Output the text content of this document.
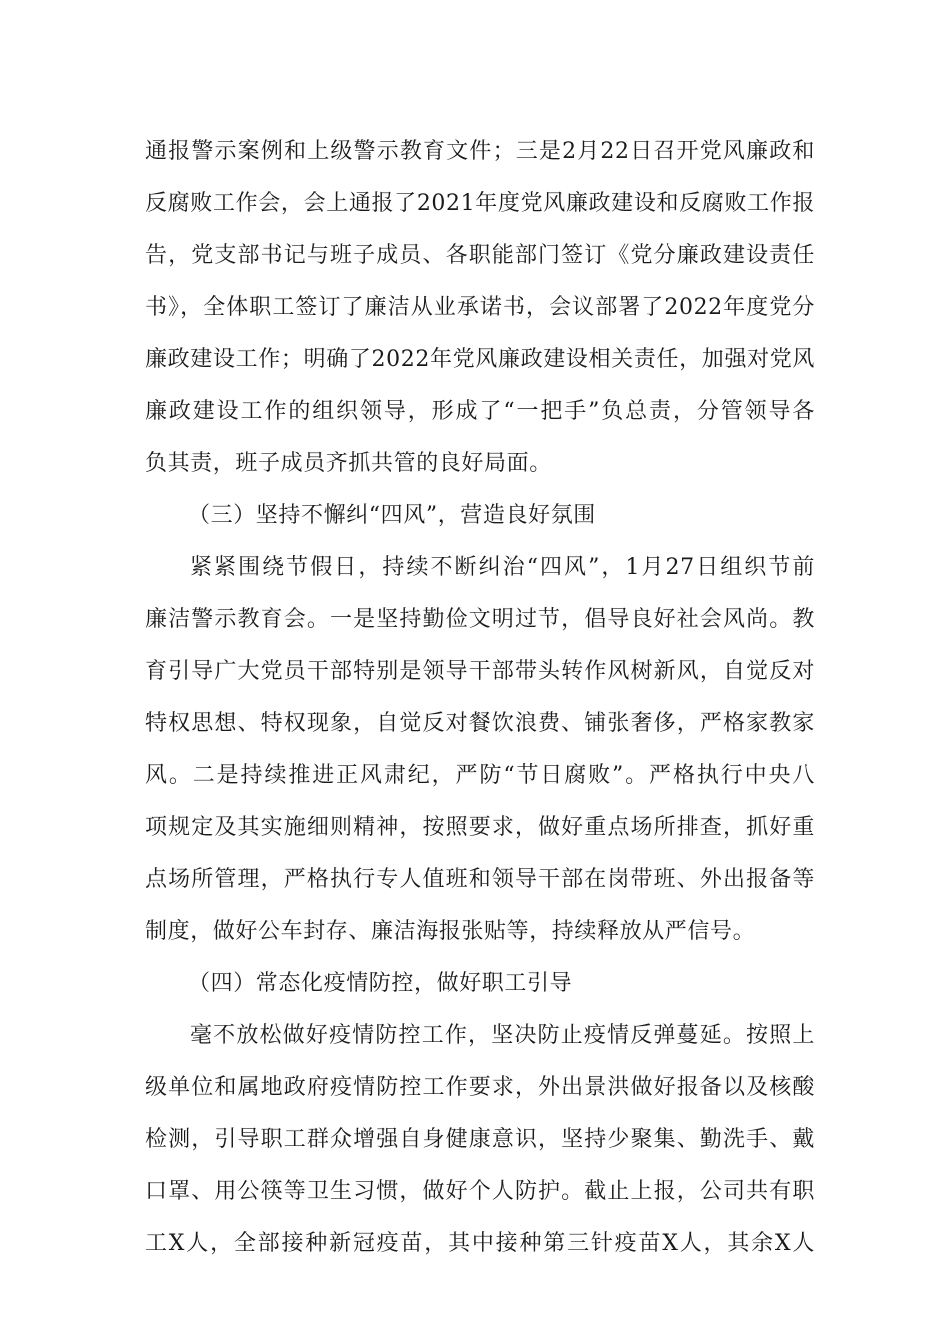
通报警示案例和上级警示教育文件；三是2月22日召开党风廉政和
反腐败工作会，会上通报了2021年度党风廉政建设和反腐败工作报
告，党支部书记与班子成员、各职能部门签订《党分廉政建设责任
书》，全体职工签订了廉洁从业承诺书，会议部署了2022年度党分
廉政建设工作；明确了2022年党风廉政建设相关责任，加强对党风
廉政建设工作的组织领导，形成了“一把手”负总责，分管领导各
负其责，班子成员齐抓共管的良好局面。
（三）坚持不懈纠“四风”，营造良好氛围
紧紧围绕节假日，持续不断纠治“四风”，1月27日组织节前
廉洁警示教育会。一是坚持勤俭文明过节，倡导良好社会风尚。教
育引导广大党员干部特别是领导干部带头转作风树新风，自觉反对
特权思想、特权现象，自觉反对餐饮浪费、铺张奢侈，严格家教家
风。二是持续推进正风肃纪，严防“节日腐败”。严格执行中央八
项规定及其实施细则精神，按照要求，做好重点场所排查，抓好重
点场所管理，严格执行专人值班和领导干部在岗带班、外出报备等
制度，做好公车封存、廉洁海报张贴等，持续释放从严信号。
（四）常态化疫情防控，做好职工引导
毫不放松做好疫情防控工作，坚决防止疫情反弹蔓延。按照上
级单位和属地政府疫情防控工作要求，外出景洪做好报备以及核酸
检测，引导职工群众增强自身健康意识，坚持少聚集、勤洗手、戴
口罩、用公筷等卫生习惯，做好个人防护。截止上报，公司共有职
工X人，全部接种新冠疫苗，其中接种第三针疫苗X人，其余X人
